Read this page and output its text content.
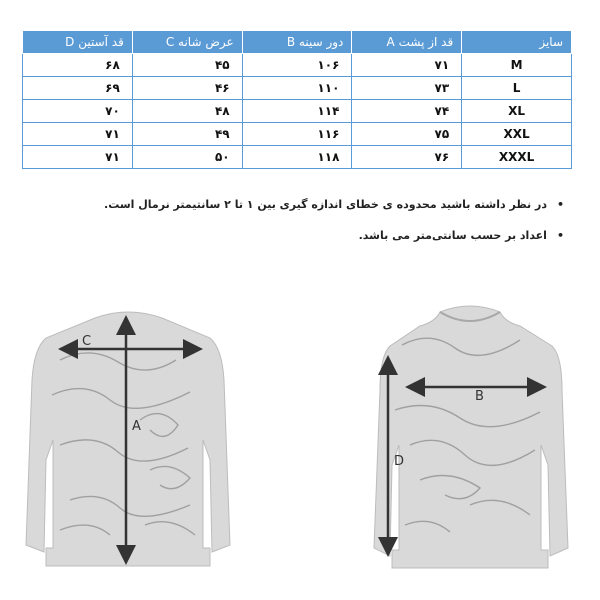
سایز	قد از پشت A	دور سینه B	عرض شانه C	قد آستین D
M	۷۱	۱۰۶	۴۵	۶۸
L	۷۳	۱۱۰	۴۶	۶۹
XL	۷۴	۱۱۴	۴۸	۷۰
XXL	۷۵	۱۱۶	۴۹	۷۱
XXXL	۷۶	۱۱۸	۵۰	۷۱
•در نظر داشته باشید محدوده ی خطای اندازه گیری بین ۱ تا ۲ سانتیمتر نرمال است.
•اعداد بر حسب سانتی‌متر می باشد.
A
C
B
D
